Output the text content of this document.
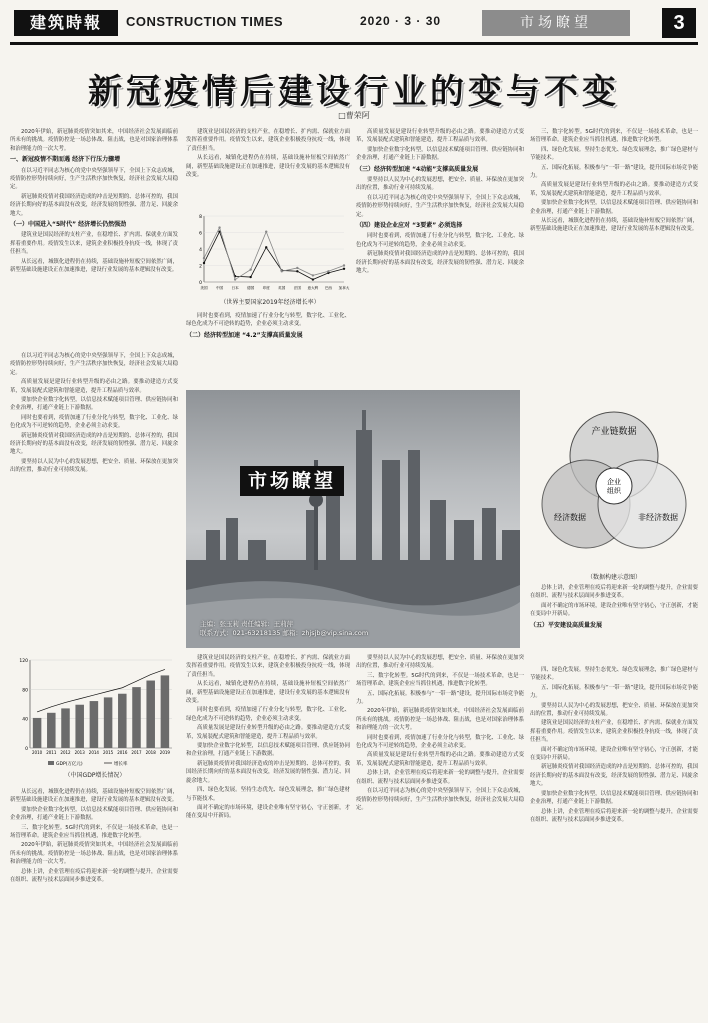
建筑時報	CONSTRUCTION TIMES	2020 · 3 · 30	市场瞭望	3
新冠疫情后建设行业的变与不变
□曹荣阿

2020年伊始，新冠肺炎疫情突如其来，中国经济社会发展面临前所未有的挑战。疫情防控是一场总体战、阻击战，也是对国家治理体系和治理能力的一次大考。

一、新冠疫情不期而遇 经济下行压力骤增

在以习近平同志为核心的党中央坚强领导下，全国上下众志成城，疫情防控形势持续向好，生产生活秩序加快恢复，经济社会发展大局稳定。

新冠肺炎疫情对我国经济造成的冲击是短期的、总体可控的，我国经济长期向好的基本面没有改变，经济发展的韧性强、潜力足、回旋余地大。

（一）中国进入“5时代” 经济增长仍然强劲

建筑业是国民经济的支柱产业，在稳增长、扩内需、保就业方面发挥着重要作用。疫情发生以来，建筑企业积极投身抗疫一线，体现了责任担当。

从长远看，城镇化进程仍在持续，基础设施补短板空间依然广阔，新型基础设施建设正在加速推进，建设行业发展的基本逻辑没有改变。

在以习近平同志为核心的党中央坚强领导下，全国上下众志成城，疫情防控形势持续向好，生产生活秩序加快恢复，经济社会发展大局稳定。

高质量发展是建设行业转型升级的必由之路。要推动建造方式变革，发展装配式建筑和智能建造，提升工程品质与效率。

要加快企业数字化转型，以信息技术赋能项目管理、供应链协同和企业治理，打通产业链上下游数据。

同时也要看到，疫情加速了行业分化与转型，数字化、工业化、绿色化成为不可逆转的趋势，企业必须主动求变。

新冠肺炎疫情对我国经济造成的冲击是短期的、总体可控的，我国经济长期向好的基本面没有改变，经济发展的韧性强、潜力足、回旋余地大。

要坚持以人民为中心的发展思想，把安全、质量、环保放在更加突出的位置，推动行业可持续发展。

0
40
80
120
2010 2011 2012 2013 2014 2015 2016 2017 2018 2019
GDP(万亿元)	增长率
（中国GDP增长情况）

从长远看，城镇化进程仍在持续，基础设施补短板空间依然广阔，新型基础设施建设正在加速推进，建设行业发展的基本逻辑没有改变。

要加快企业数字化转型，以信息技术赋能项目管理、供应链协同和企业治理，打通产业链上下游数据。

三、数字化转型。5G时代的到来，不仅是一场技术革命，也是一场管理革命。建筑企业应当抓住机遇，推进数字化转型。

2020年伊始，新冠肺炎疫情突如其来，中国经济社会发展面临前所未有的挑战。疫情防控是一场总体战、阻击战，也是对国家治理体系和治理能力的一次大考。

总体上讲，企业管理在疫后将迎来新一轮的调整与提升，企业需要在组织、流程与技术层面同步推进变革。

建筑业是国民经济的支柱产业，在稳增长、扩内需、保就业方面发挥着重要作用。疫情发生以来，建筑企业积极投身抗疫一线，体现了责任担当。

从长远看，城镇化进程仍在持续，基础设施补短板空间依然广阔，新型基础设施建设正在加速推进，建设行业发展的基本逻辑没有改变。

0
2
4
6
8
美国 中国 日本 德国 印度 英国 法国 意大利 巴西 加拿大
（世界主要国家2019年经济增长率）

同时也要看到，疫情加速了行业分化与转型，数字化、工业化、绿色化成为不可逆转的趋势，企业必须主动求变。

（二）经济转型加速 “4.2”支撑高质量发展

高质量发展是建设行业转型升级的必由之路。要推动建造方式变革，发展装配式建筑和智能建造，提升工程品质与效率。

要加快企业数字化转型，以信息技术赋能项目管理、供应链协同和企业治理，打通产业链上下游数据。

（三）经济转型加速 “4动能”支撑高质量发展

要坚持以人民为中心的发展思想，把安全、质量、环保放在更加突出的位置，推动行业可持续发展。

在以习近平同志为核心的党中央坚强领导下，全国上下众志成城，疫情防控形势持续向好，生产生活秩序加快恢复，经济社会发展大局稳定。

（四）建设企业应对 “3要素” 必须选择

同时也要看到，疫情加速了行业分化与转型，数字化、工业化、绿色化成为不可逆转的趋势，企业必须主动求变。

新冠肺炎疫情对我国经济造成的冲击是短期的、总体可控的，我国经济长期向好的基本面没有改变，经济发展的韧性强、潜力足、回旋余地大。

三、数字化转型。5G时代的到来，不仅是一场技术革命，也是一场管理革命。建筑企业应当抓住机遇，推进数字化转型。

四、绿色化发展。坚持生态优先、绿色发展理念，推广绿色建材与节能技术。

五、国际化拓展。积极参与“一带一路”建设，提升国际市场竞争能力。

高质量发展是建设行业转型升级的必由之路。要推动建造方式变革，发展装配式建筑和智能建造，提升工程品质与效率。

要加快企业数字化转型，以信息技术赋能项目管理、供应链协同和企业治理，打通产业链上下游数据。

从长远看，城镇化进程仍在持续，基础设施补短板空间依然广阔，新型基础设施建设正在加速推进，建设行业发展的基本逻辑没有改变。

市场瞭望
主编：张玉莉 责任编辑：王莉萍
联系方式：021-63218135 邮箱：zhjsjb@vip.sina.com
产业链数据
企业
组织
经济数据	非经济数据
（数据构建示意图）

总体上讲，企业管理在疫后将迎来新一轮的调整与提升，企业需要在组织、流程与技术层面同步推进变革。

面对不确定的市场环境，建设企业唯有坚守初心，守正创新，才能在变局中开新局。

（五）平安建设高质量发展

建筑业是国民经济的支柱产业，在稳增长、扩内需、保就业方面发挥着重要作用。疫情发生以来，建筑企业积极投身抗疫一线，体现了责任担当。

从长远看，城镇化进程仍在持续，基础设施补短板空间依然广阔，新型基础设施建设正在加速推进，建设行业发展的基本逻辑没有改变。

同时也要看到，疫情加速了行业分化与转型，数字化、工业化、绿色化成为不可逆转的趋势，企业必须主动求变。

高质量发展是建设行业转型升级的必由之路。要推动建造方式变革，发展装配式建筑和智能建造，提升工程品质与效率。

要加快企业数字化转型，以信息技术赋能项目管理、供应链协同和企业治理，打通产业链上下游数据。

新冠肺炎疫情对我国经济造成的冲击是短期的、总体可控的，我国经济长期向好的基本面没有改变，经济发展的韧性强、潜力足、回旋余地大。

四、绿色化发展。坚持生态优先、绿色发展理念，推广绿色建材与节能技术。

面对不确定的市场环境，建设企业唯有坚守初心，守正创新，才能在变局中开新局。

要坚持以人民为中心的发展思想，把安全、质量、环保放在更加突出的位置，推动行业可持续发展。

三、数字化转型。5G时代的到来，不仅是一场技术革命，也是一场管理革命。建筑企业应当抓住机遇，推进数字化转型。

五、国际化拓展。积极参与“一带一路”建设，提升国际市场竞争能力。

2020年伊始，新冠肺炎疫情突如其来，中国经济社会发展面临前所未有的挑战。疫情防控是一场总体战、阻击战，也是对国家治理体系和治理能力的一次大考。

同时也要看到，疫情加速了行业分化与转型，数字化、工业化、绿色化成为不可逆转的趋势，企业必须主动求变。

高质量发展是建设行业转型升级的必由之路。要推动建造方式变革，发展装配式建筑和智能建造，提升工程品质与效率。

总体上讲，企业管理在疫后将迎来新一轮的调整与提升，企业需要在组织、流程与技术层面同步推进变革。

在以习近平同志为核心的党中央坚强领导下，全国上下众志成城，疫情防控形势持续向好，生产生活秩序加快恢复，经济社会发展大局稳定。

四、绿色化发展。坚持生态优先、绿色发展理念，推广绿色建材与节能技术。

五、国际化拓展。积极参与“一带一路”建设，提升国际市场竞争能力。

要坚持以人民为中心的发展思想，把安全、质量、环保放在更加突出的位置，推动行业可持续发展。

建筑业是国民经济的支柱产业，在稳增长、扩内需、保就业方面发挥着重要作用。疫情发生以来，建筑企业积极投身抗疫一线，体现了责任担当。

面对不确定的市场环境，建设企业唯有坚守初心，守正创新，才能在变局中开新局。

新冠肺炎疫情对我国经济造成的冲击是短期的、总体可控的，我国经济长期向好的基本面没有改变，经济发展的韧性强、潜力足、回旋余地大。

要加快企业数字化转型，以信息技术赋能项目管理、供应链协同和企业治理，打通产业链上下游数据。

总体上讲，企业管理在疫后将迎来新一轮的调整与提升，企业需要在组织、流程与技术层面同步推进变革。
